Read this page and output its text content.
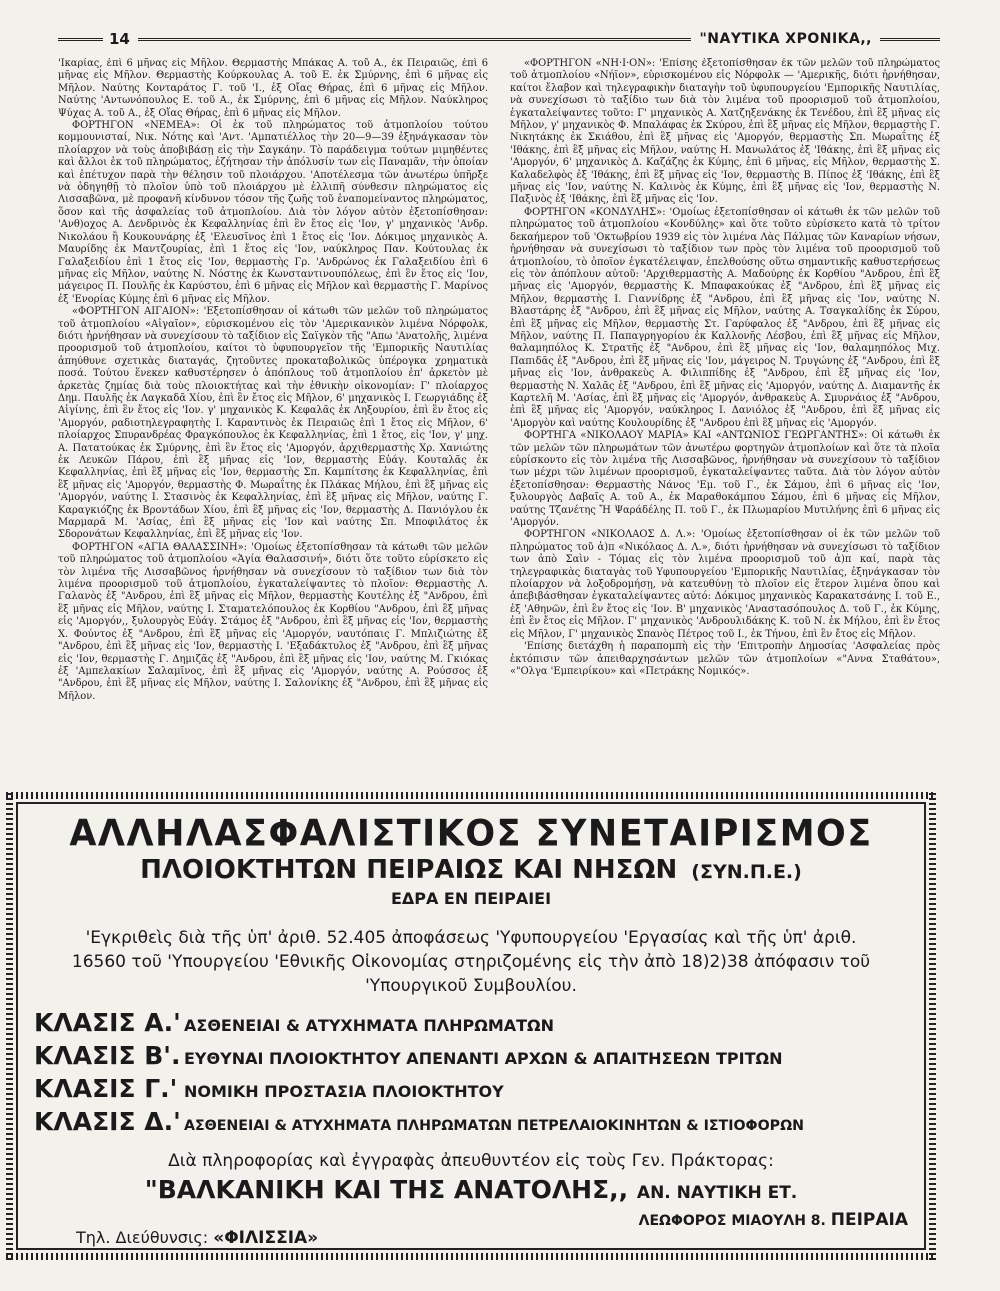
14	"ΝΑΥΤΙΚΑ ΧΡΟΝΙΚΑ,,

'Ικαρίας, ἐπὶ 6 μῆνας εἰς Μῆλον. Θερμαστὴς Μπάκας Α. τοῦ Α., ἐκ Πειραιῶς, ἐπὶ 6 μῆνας εἰς Μῆλον. Θερμαστὴς Κούρκουλας Α. τοῦ Ε. ἐκ Σμύρνης, ἐπὶ 6 μῆνας εἰς Μῆλον. Ναύτης Κονταράτος Γ. τοῦ 'Ι., ἐξ Οἴας Θήρας, ἐπὶ 6 μῆνας εἰς Μῆλον. Ναύτης 'Αντωνόπουλος Ε. τοῦ Α., ἐκ Σμύρνης, ἐπὶ 6 μῆνας εἰς Μῆλον. Ναύκληρος Ψύχας Α. τοῦ Α., ἐξ Οἴας Θήρας, ἐπὶ 6 μῆνας εἰς Μῆλον.

ΦΟΡΤΗΓΟΝ «ΝΕΜΕΑ»: Οἱ ἐκ τοῦ πληρώματος τοῦ ἀτμοπλοίου τούτου κομμουνισταί, Νικ. Νότης καὶ 'Αντ. 'Αμπατιέλλος τὴν 20—9—39 ἐξηνάγκασαν τὸν πλοίαρχον νὰ τοὺς ἀποβιβάσῃ εἰς τὴν Σαγκάην. Τὸ παράδειγμα τούτων μιμηθέντες καὶ ἄλλοι ἐκ τοῦ πληρώματος, ἐζήτησαν τὴν ἀπόλυσίν των εἰς Παναμᾶν, τὴν ὁποίαν καὶ ἐπέτυχον παρὰ τὴν θέλησιν τοῦ πλοιάρχου. 'Αποτέλεσμα τῶν ἀνωτέρω ὑπῆρξε νὰ ὁδηγηθῇ τὸ πλοῖον ὑπὸ τοῦ πλοιάρχου μὲ ἐλλιπῆ σύνθεσιν πληρώματος εἰς Λισσαβῶνα, μὲ προφανῆ κίνδυνον τόσον τῆς ζωῆς τοῦ ἐναπομείναντος πληρώματος, ὅσον καὶ τῆς ἀσφαλείας τοῦ ἀτμοπλοίου. Διὰ τὸν λόγον αὐτὸν ἐξετοπίσθησαν: 'Ανθ)οχος Α. Δενδρινὸς ἐκ Κεφαλληνίας ἐπὶ ἓν ἔτος εἰς 'Ιον, γ' μηχανικὸς 'Ανδρ. Νικολάου ἢ Κουκουνάρης ἐξ 'Ελευσῖνος ἐπὶ 1 ἔτος εἰς 'Ιον. Δόκιμος μηχανικὸς Α. Μαυρίδης ἐκ Μαντζουρίας, ἐπὶ 1 ἔτος εἰς 'Ιον, ναύκληρος Παν. Κούτουλας ἐκ Γαλαξειδίου ἐπὶ 1 ἔτος εἰς 'Ιον, θερμαστὴς Γρ. 'Ανδρώνος ἐκ Γαλαξειδίου ἐπὶ 6 μῆνας εἰς Μῆλον, ναύτης Ν. Νόστης ἐκ Κωνσταντινουπόλεως, ἐπὶ ἓν ἔτος εἰς 'Ιον, μάγειρος Π. Πουλῆς ἐκ Καρύστου, ἐπὶ 6 μῆνας εἰς Μῆλον καὶ θερμαστὴς Γ. Μαρίνος ἐξ 'Ενορίας Κύμης ἐπὶ 6 μῆνας εἰς Μῆλον.

«ΦΟΡΤΗΓΟΝ ΑΙΓΑΙΟΝ»: 'Εξετοπίσθησαν οἱ κάτωθι τῶν μελῶν τοῦ πληρώματος τοῦ ἀτμοπλοίου «Αἰγαῖον», εὑρισκομένου εἰς τὸν 'Αμερικανικὸν λιμένα Νόρφολκ, διότι ἠρνήθησαν νὰ συνεχίσουν τὸ ταξίδιον εἰς Σαϊγκὸν τῆς "Απω 'Ανατολῆς, λιμένα προορισμοῦ τοῦ ἀτμοπλοίου, καίτοι τὸ ὑφυπουργεῖον τῆς 'Εμπορικῆς Ναυτιλίας ἀπηύθυνε σχετικὰς διαταγάς, ζητοῦντες προκαταβολικῶς ὑπέρογκα χρηματικὰ ποσά. Τούτου ἕνεκεν καθυστέρησεν ὁ ἀπόπλους τοῦ ἀτμοπλοίου ἐπ' ἀρκετὸν μὲ ἀρκετὰς ζημίας διὰ τοὺς πλοιοκτήτας καὶ τὴν ἐθνικὴν οἰκονομίαν: Γ' πλοίαρχος Δημ. Παυλῆς ἐκ Λαγκαδᾶ Χίου, ἐπὶ ἓν ἔτος εἰς Μῆλον, 6' μηχανικὸς Ι. Γεωργιάδης ἐξ Αἰγίνης, ἐπὶ ἓν ἔτος εἰς 'Ιον. γ' μηχανικὸς Κ. Κεφαλᾶς ἐκ Ληξουρίου, ἐπὶ ἓν ἔτος εἰς 'Αμοργόν, ραδιοτηλεγραφητὴς Ι. Καραντινὸς ἐκ Πειραιῶς ἐπὶ 1 ἔτος εἰς Μῆλον, 6' πλοίαρχος Σπυρανδρέας Φραγκόπουλος ἐκ Κεφαλληνίας, ἐπὶ 1 ἔτος, εἰς 'Ιον, γ' μηχ. Α. Πατατούκας ἐκ Σμύρνης, ἐπὶ ἓν ἔτος εἰς 'Αμοργόν, ἀρχιθερμαστὴς Χρ. Χανιώτης ἐκ Λευκῶν Πάρου, ἐπὶ ἓξ μῆνας εἰς 'Ιον, θερμαστὴς Εὐάγ. Κουταλᾶς ἐκ Κεφαλληνίας, ἐπὶ ἓξ μῆνας εἰς 'Ιον, θερμαστὴς Σπ. Καμπίτσης ἐκ Κεφαλληνίας, ἐπὶ ἓξ μῆνας εἰς 'Αμοργόν, θερμαστὴς Φ. Μωραΐτης ἐκ Πλάκας Μήλου, ἐπὶ ἓξ μῆνας εἰς 'Αμοργόν, ναύτης Ι. Στασινὸς ἐκ Κεφαλληνίας, ἐπὶ ἓξ μῆνας εἰς Μῆλον, ναύτης Γ. Καραγκιόζης ἐκ Βροντάδων Χίου, ἐπὶ ἓξ μῆνας εἰς 'Ιον, θερμαστὴς Δ. Πανιόγλου ἐκ Μαρμαρᾶ Μ. 'Ασίας, ἐπὶ ἓξ μῆνας εἰς 'Ιον καὶ ναύτης Σπ. Μποφιλάτος ἐκ Σδορονάτων Κεφαλληνίας, ἐπὶ ἓξ μῆνας εἰς 'Ιον.

ΦΟΡΤΗΓΟΝ «ΑΓΙΑ ΘΑΛΑΣΣΙΝΗ»: 'Ομοίως ἐξετοπίσθησαν τὰ κάτωθι τῶν μελῶν τοῦ πληρώματος τοῦ ἀτμοπλοίου «Ἁγία Θαλασσινή», διότι ὅτε τοῦτο εὑρίσκετο εἰς τὸν λιμένα τῆς Λισσαβῶνος ἠρνήθησαν νὰ συνεχίσουν τὸ ταξίδιον των διὰ τὸν λιμένα προορισμοῦ τοῦ ἀτμοπλοίου, ἐγκαταλείψαντες τὸ πλοῖον: Θερμαστὴς Λ. Γαλανὸς ἐξ "Ανδρου, ἐπὶ ἓξ μῆνας εἰς Μῆλον, θερμαστὴς Κουτέλης ἐξ "Ανδρου, ἐπὶ ἓξ μῆνας εἰς Μῆλον, ναύτης Ι. Σταματελόπουλος ἐκ Κορθίου "Ανδρου, ἐπὶ ἓξ μῆνας εἰς 'Αμοργόν,, ξυλουργὸς Εὐάγ. Στάμος ἐξ "Ανδρου, ἐπὶ ἓξ μῆνας εἰς 'Ιον, θερμαστὴς Χ. Φούντος ἐξ "Ανδρου, ἐπὶ ἓξ μῆνας εἰς 'Αμοργόν, ναυτόπαις Γ. Μπλιζιώτης ἐξ "Ανδρου, ἐπὶ ἓξ μῆνας εἰς 'Ιον, θερμαστὴς Ι. 'Εξαδάκτυλος ἐξ "Ανδρου, ἐπὶ ἓξ μῆνας εἰς 'Ιον, θερμαστὴς Γ. Δημιζᾶς ἐξ "Ανδρου, ἐπὶ ἓξ μῆνας εἰς 'Ιον, ναύτης Μ. Γκιόκας ἐξ 'Αμπελακίων Σαλαμῖνος, ἐπὶ ἓξ μῆνας εἰς 'Αμοργόν, ναύτης Α. Ρούσσος ἐξ "Ανδρου, ἐπὶ ἓξ μῆνας εἰς Μῆλον, ναύτης Ι. Σαλονίκης ἐξ "Ανδρου, ἐπὶ ἓξ μῆνας εἰς Μῆλον.

«ΦΟΡΤΗΓΟΝ «ΝΗ·Ι·ΟΝ»: 'Επίσης ἐξετοπίσθησαν ἐκ τῶν μελῶν τοῦ πληρώματος τοῦ ἀτμοπλοίου «Νήϊον», εὑρισκομένου εἰς Νόρφολκ — 'Αμερικῆς, διότι ἠρνήθησαν, καίτοι ἔλαβον καὶ τηλεγραφικὴν διαταγὴν τοῦ ὑφυπουργείου 'Εμπορικῆς Ναυτιλίας, νὰ συνεχίσωσι τὸ ταξίδιο των διὰ τὸν λιμένα τοῦ προορισμοῦ τοῦ ἀτμοπλοίου, ἐγκαταλείψαντες τοῦτο: Γ' μηχανικὸς Α. Χατζηξενάκης ἐκ Τενέδου, ἐπὶ ἓξ μῆνας εἰς Μῆλον, γ' μηχανικὸς Φ. Μπαλάφας ἐκ Σκύρου, ἐπὶ ἓξ μῆνας εἰς Μῆλον, θερμαστὴς Γ. Νικητάκης ἐκ Σκιάθου, ἐπὶ ἓξ μῆνας εἰς 'Αμοργόν, θερμαστὴς Σπ. Μωραΐτης ἐξ 'Ιθάκης, ἐπὶ ἓξ μῆνας εἰς Μῆλον, ναύτης Η. Μανωλάτος ἐξ 'Ιθάκης, ἐπὶ ἓξ μῆνας εἰς 'Αμοργόν, 6' μηχανικὸς Δ. Καζάζης ἐκ Κύμης, ἐπὶ 6 μῆνας, εἰς Μῆλον, θερμαστὴς Σ. Καλαδελφὸς ἐξ 'Ιθάκης, ἐπὶ ἓξ μῆνας εἰς 'Ιον, θερμαστὴς Β. Πίπος ἐξ 'Ιθάκης, ἐπὶ ἓξ μῆνας εἰς 'Ιον, ναύτης Ν. Καλινὸς ἐκ Κύμης, ἐπὶ ἓξ μῆνας εἰς 'Ιον, θερμαστὴς Ν. Παξινὸς ἐξ 'Ιθάκης, ἐπὶ ἓξ μῆνας εἰς 'Ιον.

ΦΟΡΤΗΓΟΝ «ΚΟΝΔΥΛΗΣ»: 'Ομοίως ἐξετοπίσθησαν οἱ κάτωθι ἐκ τῶν μελῶν τοῦ πληρώματος τοῦ ἀτμοπλοίου «Κονδύλης» καὶ ὅτε τοῦτο εὑρίσκετο κατὰ τὸ τρίτον δεκαήμερον τοῦ 'Οκτωβρίου 1939 εἰς τὸν λιμένα Λὰς Πάλμας τῶν Καναρίων νήσων, ἠρνήθησαν νὰ συνεχίσωσι τὸ ταξίδιον των πρὸς τὸν λιμένα τοῦ προορισμοῦ τοῦ ἀτμοπλοίου, τὸ ὁποῖον ἐγκατέλειψαν, ἐπελθούσης οὕτω σημαντικῆς καθυστερήσεως εἰς τὸν ἀπόπλουν αὐτοῦ: 'Αρχιθερμαστὴς Α. Μαδούρης ἐκ Κορθίου "Ανδρου, ἐπὶ ἓξ μῆνας εἰς 'Αμοργόν, θερμαστὴς Κ. Μπαφακούκας ἐξ "Ανδρου, ἐπὶ ἓξ μῆνας εἰς Μῆλον, θερμαστὴς Ι. Γιαννίδρης ἐξ "Ανδρου, ἐπὶ ἓξ μῆνας εἰς 'Ιον, ναύτης Ν. Βλαστάρης ἐξ "Ανδρου, ἐπὶ ἓξ μῆνας εἰς Μῆλον, ναύτης Α. Τσαγκαλίδης ἐκ Σύρου, ἐπὶ ἓξ μῆνας εἰς Μῆλον, θερμαστὴς Στ. Γαρύφαλος ἐξ "Ανδρου, ἐπὶ ἓξ μῆνας εἰς Μῆλον, ναύτης Π. Παπαγρηγορίου ἐκ Καλλονῆς Λέσβου, ἐπὶ ἓξ μῆνας εἰς Μῆλον, θαλαμηπόλος Κ. Στρατῆς ἐξ "Ανδρου, ἐπὶ ἓξ μῆνας εἰς 'Ιον, θαλαμηπόλος Μιχ. Παπιδᾶς ἐξ "Ανδρου, ἐπὶ ἓξ μῆνας εἰς 'Ιον, μάγειρος Ν. Τρυγώνης ἐξ "Ανδρου, ἐπὶ ἓξ μῆνας εἰς 'Ιον, ἀνθρακεὺς Α. Φιλιππίδης ἐξ "Ανδρου, ἐπὶ ἓξ μῆνας εἰς 'Ιον, θερμαστὴς Ν. Χαλᾶς ἐξ "Ανδρου, ἐπὶ ἓξ μῆνας εἰς 'Αμοργόν, ναύτης Δ. Διαμαντῆς ἐκ Καρτελῆ Μ. 'Ασίας, ἐπὶ ἓξ μῆνας εἰς 'Αμοργόν, ἀνθρακεὺς Α. Σμυρνάιος ἐξ "Ανδρου, ἐπὶ ἓξ μῆνας εἰς 'Αμοργόν, ναύκληρος Ι. Δανιόλος ἐξ "Ανδρου, ἐπὶ ἓξ μῆνας εἰς 'Αμοργὸν καὶ ναύτης Κουλουρίδης ἐξ "Ανδρου ἐπὶ ἓξ μῆνας εἰς 'Αμοργόν.

ΦΟΡΤΗΓΑ «ΝΙΚΟΛΑΟΥ ΜΑΡΙΑ» ΚΑΙ «ΑΝΤΩΝΙΟΣ ΓΕΩΡΓΑΝΤΗΣ»: Οἱ κάτωθι ἐκ τῶν μελῶν τῶν πληρωμάτων τῶν ἀνωτέρω φορτηγῶν ἀτμοπλοίων καὶ ὅτε τὰ πλοῖα εὑρίσκοντο εἰς τὸν λιμένα τῆς Λισσαβῶνος, ἠρνήθησαν νὰ συνεχίσουν τὸ ταξίδιον των μέχρι τῶν λιμένων προορισμοῦ, ἐγκαταλείψαντες ταῦτα. Διὰ τὸν λόγον αὐτὸν ἐξετοπίσθησαν: Θερμαστὴς Νάνος 'Εμ. τοῦ Γ., ἐκ Σάμου, ἐπὶ 6 μῆνας εἰς 'Ιον, ξυλουργὸς Δαβαῖς Α. τοῦ Α., ἐκ Μαραθοκάμπου Σάμου, ἐπὶ 6 μῆνας εἰς Μῆλον, ναύτης Τζανέτης Ἤ Ψαράδέλης Π. τοῦ Γ., ἐκ Πλωμαρίου Μυτιλήνης ἐπὶ 6 μῆνας εἰς 'Αμοργόν.

ΦΟΡΤΗΓΟΝ «ΝΙΚΟΛΑΟΣ Δ. Λ.»: 'Ομοίως ἐξετοπίσθησαν οἱ ἐκ τῶν μελῶν τοῦ πληρώματος τοῦ ἀ)π «Νικόλαος Δ. Λ.», διότι ἠρνήθησαν νὰ συνεχίσωσι τὸ ταξίδιον των ἀπὸ Σαὶν - Τόμας εἰς τὸν λιμένα προορισμοῦ τοῦ ἀ)π καί, παρὰ τὰς τηλεγραφικὰς διαταγὰς τοῦ Υφυπουργείου 'Εμπορικῆς Ναυτιλίας, ἐξηνάγκασαν τὸν πλοίαρχον νὰ λοξοδρομήσῃ, νὰ κατευθύνῃ τὸ πλοῖον εἰς ἕτερον λιμένα ὅπου καὶ ἀπεβιβάσθησαν ἐγκαταλείψαντες αὐτό: Δόκιμος μηχανικὸς Καρακατσάνης Ι. τοῦ Ε., ἐξ 'Αθηνῶν, ἐπὶ ἓν ἔτος εἰς 'Ιον. Β' μηχανικὸς 'Αναστασόπουλος Δ. τοῦ Γ., ἐκ Κύμης, ἐπὶ ἓν ἔτος εἰς Μῆλον. Γ' μηχανικὸς 'Ανδρουλιδάκης Κ. τοῦ Ν. ἐκ Μήλου, ἐπὶ ἓν ἔτος εἰς Μῆλον, Γ' μηχανικὸς Σπανὸς Πέτρος τοῦ Ι., ἐκ Τήνου, ἐπὶ ἓν ἔτος εἰς Μῆλον.

'Επίσης διετάχθη ἡ παραπομπὴ εἰς τὴν 'Επιτροπὴν Δημοσίας 'Ασφαλείας πρὸς ἐκτόπισιν τῶν ἀπειθαρχησάντων μελῶν τῶν ἀτμοπλοίων «"Αννα Σταθάτου», «"Ολγα 'Εμπειρίκου» καὶ «Πετράκης Νομικός».

ΑΛΛΗΛΑΣΦΑΛΙΣΤΙΚΟΣ ΣΥΝΕΤΑΙΡΙΣΜΟΣ
ΠΛΟΙΟΚΤΗΤΩΝ ΠΕΙΡΑΙΩΣ ΚΑΙ ΝΗΣΩΝ (ΣΥΝ.Π.Ε.)
ΕΔΡΑ ΕΝ ΠΕΙΡΑΙΕΙ
'Εγκριθεὶς διὰ τῆς ὑπ' ἀριθ. 52.405 ἀποφάσεως 'Υφυπουργείου 'Εργασίας καὶ τῆς ὑπ' ἀριθ. 16560 τοῦ 'Υπουργείου 'Εθνικῆς Οἰκονομίας στηριζομένης εἰς τὴν ἀπὸ 18)2)38 ἀπόφασιν τοῦ 'Υπουργικοῦ Συμβουλίου.
ΚΛΑΣΙΣ Α.' ΑΣΘΕΝΕΙΑΙ & ΑΤΥΧΗΜΑΤΑ ΠΛΗΡΩΜΑΤΩΝ
ΚΛΑΣΙΣ Β'. ΕΥΘΥΝΑΙ ΠΛΟΙΟΚΤΗΤΟΥ ΑΠΕΝΑΝΤΙ ΑΡΧΩΝ & ΑΠΑΙΤΗΣΕΩΝ ΤΡΙΤΩΝ
ΚΛΑΣΙΣ Γ.' ΝΟΜΙΚΗ ΠΡΟΣΤΑΣΙΑ ΠΛΟΙΟΚΤΗΤΟΥ
ΚΛΑΣΙΣ Δ.' ΑΣΘΕΝΕΙΑΙ & ΑΤΥΧΗΜΑΤΑ ΠΛΗΡΩΜΑΤΩΝ ΠΕΤΡΕΛΑΙΟΚΙΝΗΤΩΝ & ΙΣΤΙΟΦΟΡΩΝ
Διὰ πληροφορίας καὶ ἐγγραφὰς ἀπευθυντέον εἰς τοὺς Γεν. Πράκτορας:
"ΒΑΛΚΑΝΙΚΗ ΚΑΙ ΤΗΣ ΑΝΑΤΟΛΗΣ,, ΑΝ. ΝΑΥΤΙΚΗ ΕΤ.
ΛΕΩΦΟΡΟΣ ΜΙΑΟΥΛΗ 8. ΠΕΙΡΑΙΑ
Τηλ. Διεύθυνσις: «ΦΙΛΙΣΣΙΑ»
